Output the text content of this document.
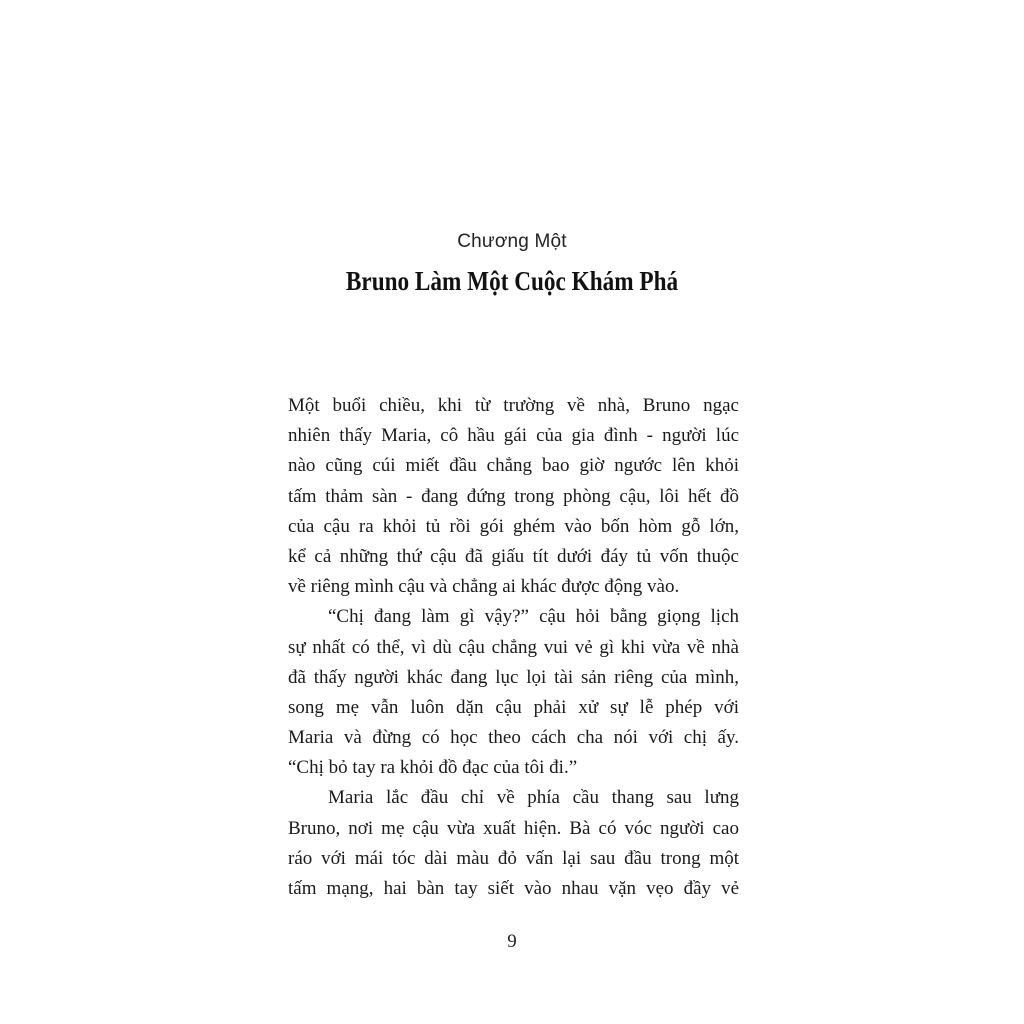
Chương Một
Bruno Làm Một Cuộc Khám Phá
Một buổi chiều, khi từ trường về nhà, Bruno ngạc
nhiên thấy Maria, cô hầu gái của gia đình - người lúc
nào cũng cúi miết đầu chẳng bao giờ ngước lên khỏi
tấm thảm sàn - đang đứng trong phòng cậu, lôi hết đồ
của cậu ra khỏi tủ rồi gói ghém vào bốn hòm gỗ lớn,
kể cả những thứ cậu đã giấu tít dưới đáy tủ vốn thuộc
về riêng mình cậu và chẳng ai khác được động vào.
“Chị đang làm gì vậy?” cậu hỏi bằng giọng lịch
sự nhất có thể, vì dù cậu chẳng vui vẻ gì khi vừa về nhà
đã thấy người khác đang lục lọi tài sản riêng của mình,
song mẹ vẫn luôn dặn cậu phải xử sự lễ phép với
Maria và đừng có học theo cách cha nói với chị ấy.
“Chị bỏ tay ra khỏi đồ đạc của tôi đi.”
Maria lắc đầu chỉ về phía cầu thang sau lưng
Bruno, nơi mẹ cậu vừa xuất hiện. Bà có vóc người cao
ráo với mái tóc dài màu đỏ vấn lại sau đầu trong một
tấm mạng, hai bàn tay siết vào nhau vặn vẹo đầy vẻ
9
